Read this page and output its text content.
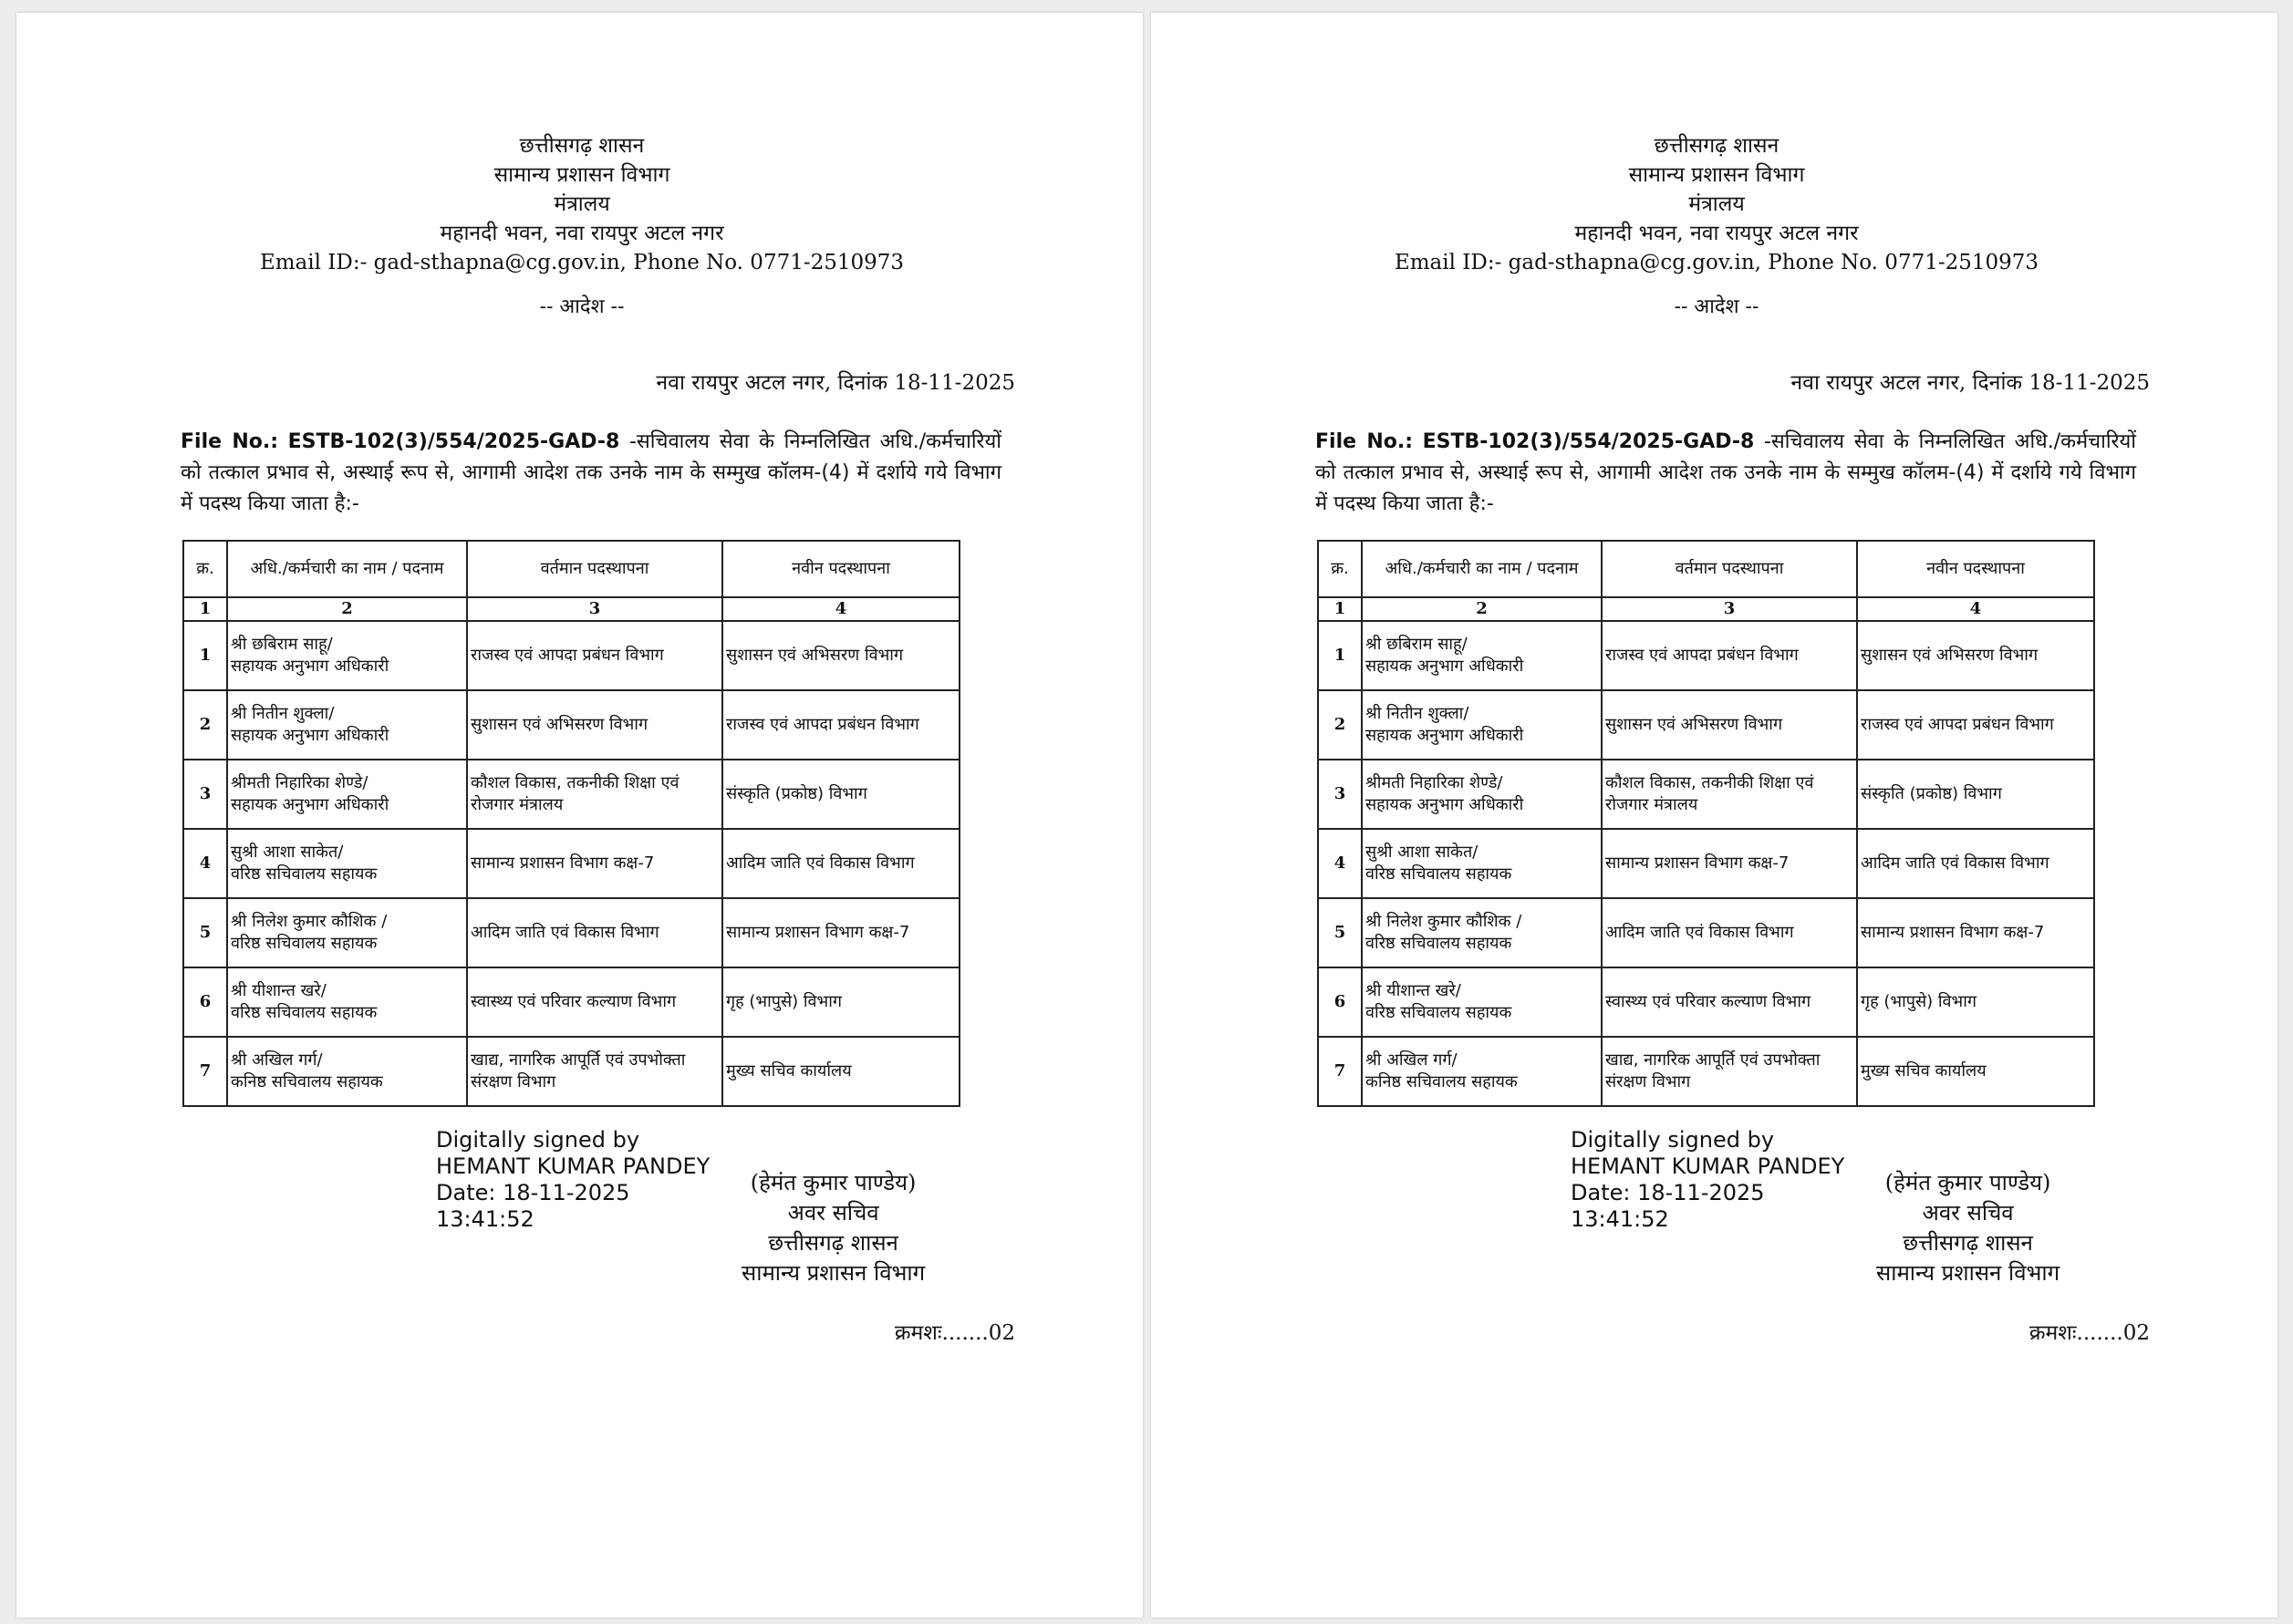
छत्तीसगढ़ शासन
सामान्य प्रशासन विभाग
मंत्रालय
महानदी भवन, नवा रायपुर अटल नगर
Email ID:- gad-sthapna@cg.gov.in, Phone No. 0771-2510973
-- आदेश --
नवा रायपुर अटल नगर, दिनांक 18-11-2025
File No.: ESTB-102(3)/554/2025-GAD-8 -सचिवालय सेवा के निम्नलिखित अधि./कर्मचारियों को तत्काल प्रभाव से, अस्थाई रूप से, आगामी आदेश तक उनके नाम के सम्मुख कॉलम-(4) में दर्शाये गये विभाग में पदस्थ किया जाता है:-
क्र.	अधि./कर्मचारी का नाम / पदनाम	वर्तमान पदस्थापना	नवीन पदस्थापना
1	2	3	4
1	श्री छबिराम साहू/
सहायक अनुभाग अधिकारी	राजस्व एवं आपदा प्रबंधन विभाग	सुशासन एवं अभिसरण विभाग
2	श्री नितीन शुक्ला/
सहायक अनुभाग अधिकारी	सुशासन एवं अभिसरण विभाग	राजस्व एवं आपदा प्रबंधन विभाग
3	श्रीमती निहारिका शेण्डे/
सहायक अनुभाग अधिकारी	कौशल विकास, तकनीकी शिक्षा एवं रोजगार मंत्रालय	संस्कृति (प्रकोष्ठ) विभाग
4	सुश्री आशा साकेत/
वरिष्ठ सचिवालय सहायक	सामान्य प्रशासन विभाग कक्ष-7	आदिम जाति एवं विकास विभाग
5	श्री निलेश कुमार कौशिक /
वरिष्ठ सचिवालय सहायक	आदिम जाति एवं विकास विभाग	सामान्य प्रशासन विभाग कक्ष-7
6	श्री यीशान्त खरे/
वरिष्ठ सचिवालय सहायक	स्वास्थ्य एवं परिवार कल्याण विभाग	गृह (भापुसे) विभाग
7	श्री अखिल गर्ग/
कनिष्ठ सचिवालय सहायक	खाद्य, नागरिक आपूर्ति एवं उपभोक्ता संरक्षण विभाग	मुख्य सचिव कार्यालय
Digitally signed by
HEMANT KUMAR PANDEY
Date: 18-11-2025
13:41:52
(हेमंत कुमार पाण्डेय)
अवर सचिव
छत्तीसगढ़ शासन
सामान्य प्रशासन विभाग
क्रमशः.......02
छत्तीसगढ़ शासन
सामान्य प्रशासन विभाग
मंत्रालय
महानदी भवन, नवा रायपुर अटल नगर
Email ID:- gad-sthapna@cg.gov.in, Phone No. 0771-2510973
-- आदेश --
नवा रायपुर अटल नगर, दिनांक 18-11-2025
File No.: ESTB-102(3)/554/2025-GAD-8 -सचिवालय सेवा के निम्नलिखित अधि./कर्मचारियों को तत्काल प्रभाव से, अस्थाई रूप से, आगामी आदेश तक उनके नाम के सम्मुख कॉलम-(4) में दर्शाये गये विभाग में पदस्थ किया जाता है:-
क्र.	अधि./कर्मचारी का नाम / पदनाम	वर्तमान पदस्थापना	नवीन पदस्थापना
1	2	3	4
1	श्री छबिराम साहू/
सहायक अनुभाग अधिकारी	राजस्व एवं आपदा प्रबंधन विभाग	सुशासन एवं अभिसरण विभाग
2	श्री नितीन शुक्ला/
सहायक अनुभाग अधिकारी	सुशासन एवं अभिसरण विभाग	राजस्व एवं आपदा प्रबंधन विभाग
3	श्रीमती निहारिका शेण्डे/
सहायक अनुभाग अधिकारी	कौशल विकास, तकनीकी शिक्षा एवं रोजगार मंत्रालय	संस्कृति (प्रकोष्ठ) विभाग
4	सुश्री आशा साकेत/
वरिष्ठ सचिवालय सहायक	सामान्य प्रशासन विभाग कक्ष-7	आदिम जाति एवं विकास विभाग
5	श्री निलेश कुमार कौशिक /
वरिष्ठ सचिवालय सहायक	आदिम जाति एवं विकास विभाग	सामान्य प्रशासन विभाग कक्ष-7
6	श्री यीशान्त खरे/
वरिष्ठ सचिवालय सहायक	स्वास्थ्य एवं परिवार कल्याण विभाग	गृह (भापुसे) विभाग
7	श्री अखिल गर्ग/
कनिष्ठ सचिवालय सहायक	खाद्य, नागरिक आपूर्ति एवं उपभोक्ता संरक्षण विभाग	मुख्य सचिव कार्यालय
Digitally signed by
HEMANT KUMAR PANDEY
Date: 18-11-2025
13:41:52
(हेमंत कुमार पाण्डेय)
अवर सचिव
छत्तीसगढ़ शासन
सामान्य प्रशासन विभाग
क्रमशः.......02
